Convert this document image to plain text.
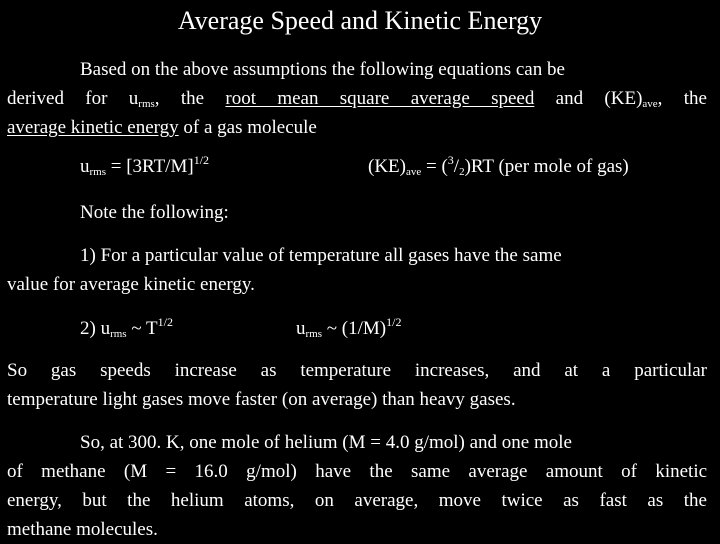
Average Speed and Kinetic Energy
Based on the above assumptions the following equations can be
derived for $u_{rms}$, the root mean square average speed and $(KE)_{ave}$, the
average kinetic energy of a gas molecule
$u_{rms} = [3RT/M]^{1/2}$	$(KE)_{ave} = (^3/_2)RT$ (per mole of gas)
Note the following:
1) For a particular value of temperature all gases have the same
value for average kinetic energy.
2) $u_{rms}$ ~ $T^{1/2}$	$u_{rms}$ ~ $(1/M)^{1/2}$
So gas speeds increase as temperature increases, and at a particular
temperature light gases move faster (on average) than heavy gases.
So, at 300. K, one mole of helium (M = 4.0 g/mol) and one mole
of methane (M = 16.0 g/mol) have the same average amount of kinetic
energy, but the helium atoms, on average, move twice as fast as the
methane molecules.
